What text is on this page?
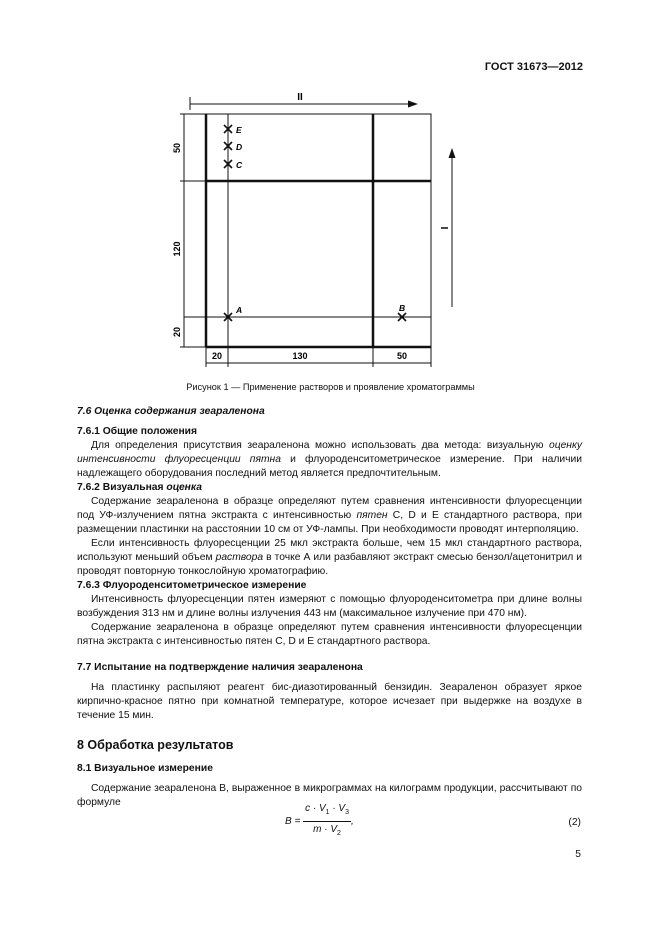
ГОСТ 31673—2012
II
50
120
20
20	130	50
I
E
D
C
A	B
Рисунок 1 — Применение растворов и проявление хроматограммы
7.6 Оценка содержания зеараленона
7.6.1 Общие положения
Для определения присутствия зеараленона можно использовать два метода: визуальную оценку интенсивности флуоресценции пятна и флуороденситометрическое измерение. При наличии надлежащего оборудования последний метод является предпочтительным.
7.6.2 Визуальная оценка
Содержание зеараленона в образце определяют путем сравнения интенсивности флуоресценции под УФ-излучением пятна экстракта с интенсивностью пятен С, D и Е стандартного раствора, при размещении пластинки на расстоянии 10 см от УФ-лампы. При необходимости проводят интерполяцию.
Если интенсивность флуоресценции 25 мкл экстракта больше, чем 15 мкл стандартного раствора, используют меньший объем раствора в точке А или разбавляют экстракт смесью бензол/ацетонитрил и проводят повторную тонкослойную хроматографию.
7.6.3 Флуороденситометрическое измерение
Интенсивность флуоресценции пятен измеряют с помощью флуороденситометра при длине волны возбуждения 313 нм и длине волны излучения 443 нм (максимальное излучение при 470 нм).
Содержание зеараленона в образце определяют путем сравнения интенсивности флуоресценции пятна экстракта с интенсивностью пятен С, D и Е стандартного раствора.
7.7 Испытание на подтверждение наличия зеараленона
На пластинку распыляют реагент бис-диазотированный бензидин. Зеараленон образует яркое кирпично-красное пятно при комнатной температуре, которое исчезает при выдержке на воздухе в течение 15 мин.
8 Обработка результатов
8.1 Визуальное измерение
Содержание зеараленона В, выраженное в микрограммах на килограмм продукции, рассчитывают по формуле
$B = \frac{c \cdot V_1 \cdot V_3}{m \cdot V_2}$ ,	(2)
5
